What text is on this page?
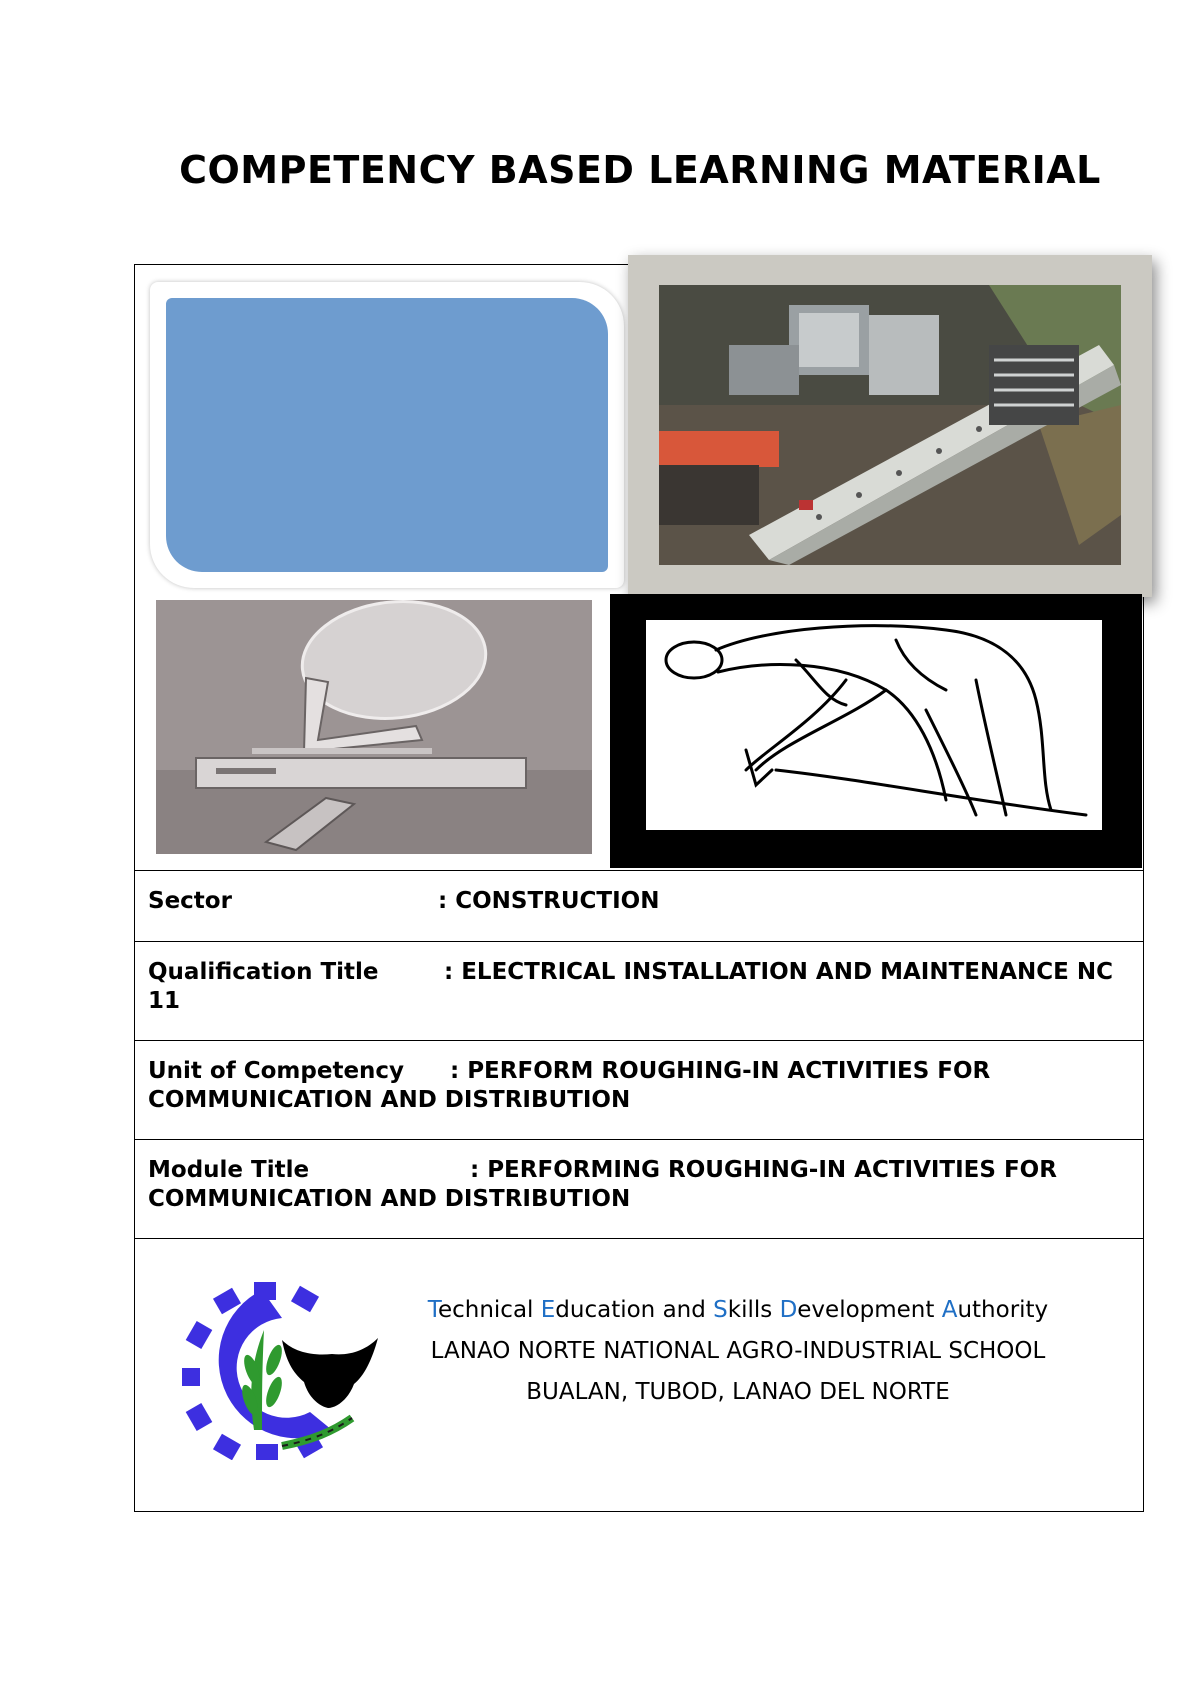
COMPETENCY BASED LEARNING MATERIAL

Sector	: CONSTRUCTION

Qualification Title	: ELECTRICAL INSTALLATION AND MAINTENANCE NC 11

Unit of Competency : PERFORM ROUGHING-IN ACTIVITIES FOR COMMUNICATION AND DISTRIBUTION

Module Title	: PERFORMING ROUGHING-IN ACTIVITIES FOR COMMUNICATION AND DISTRIBUTION

Technical Education and Skills Development Authority

LANAO NORTE NATIONAL AGRO-INDUSTRIAL SCHOOL

BUALAN, TUBOD, LANAO DEL NORTE
